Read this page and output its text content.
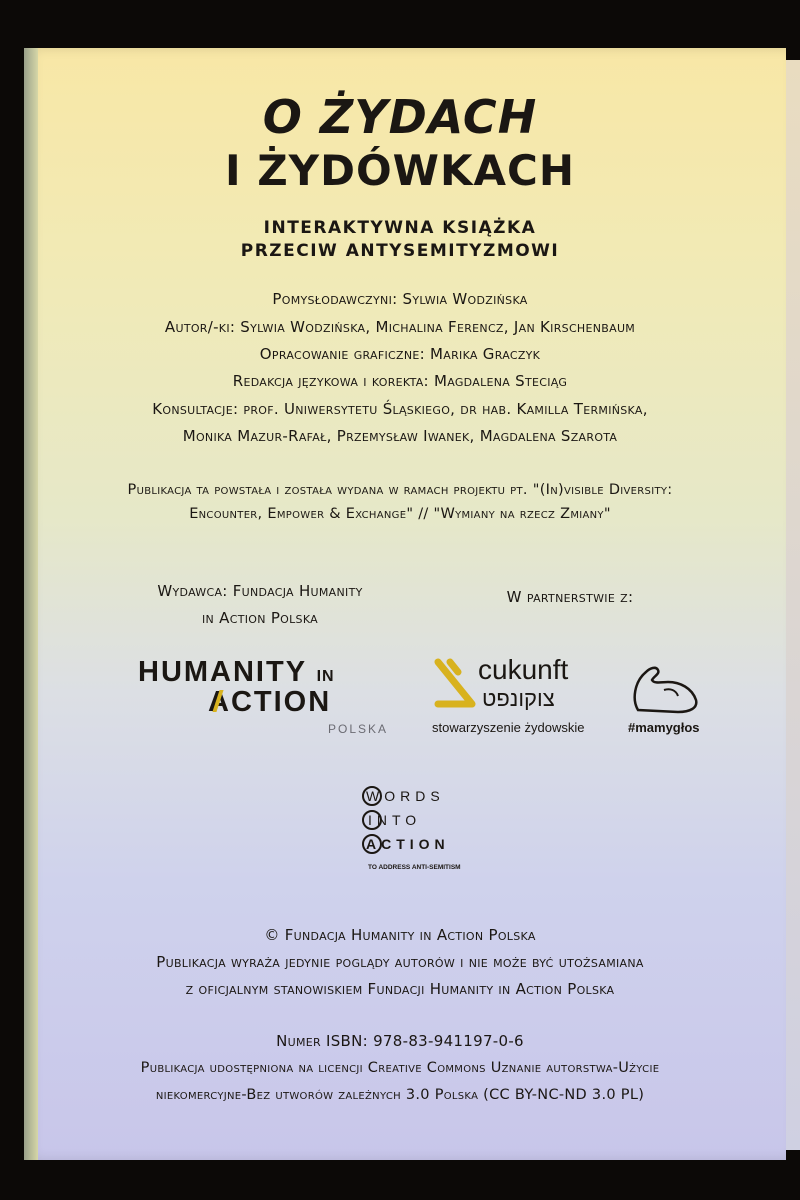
O ŻYDACH
I ŻYDÓWKACH
INTERAKTYWNA KSIĄŻKA
PRZECIW ANTYSEMITYZMOWI
Pomysłodawczyni: Sylwia Wodzińska
Autor/-ki: Sylwia Wodzińska, Michalina Ferencz, Jan Kirschenbaum
Opracowanie graficzne: Marika Graczyk
Redakcja językowa i korekta: Magdalena Steciąg
Konsultacje: prof. Uniwersytetu Śląskiego, dr hab. Kamilla Termińska,
Monika Mazur-Rafał, Przemysław Iwanek, Magdalena Szarota
Publikacja ta powstała i została wydana w ramach projektu pt. "(In)visible Diversity:
Encounter, Empower & Exchange" // "Wymiany na rzecz Zmiany"
Wydawca: Fundacja Humanity
in Action Polska
W partnerstwie z:
HUMANITY IN
ACTION
POLSKA
cukunft
צוקונפט
stowarzyszenie żydowskie	#mamygłos
WORDS
INTO
ACTION
TO ADDRESS ANTI-SEMITISM
© Fundacja Humanity in Action Polska
Publikacja wyraża jedynie poglądy autorów i nie może być utożsamiana
z oficjalnym stanowiskiem Fundacji Humanity in Action Polska
Numer ISBN: 978-83-941197-0-6
Publikacja udostępniona na licencji Creative Commons Uznanie autorstwa-Użycie
niekomercyjne-Bez utworów zależnych 3.0 Polska (CC BY-NC-ND 3.0 PL)
